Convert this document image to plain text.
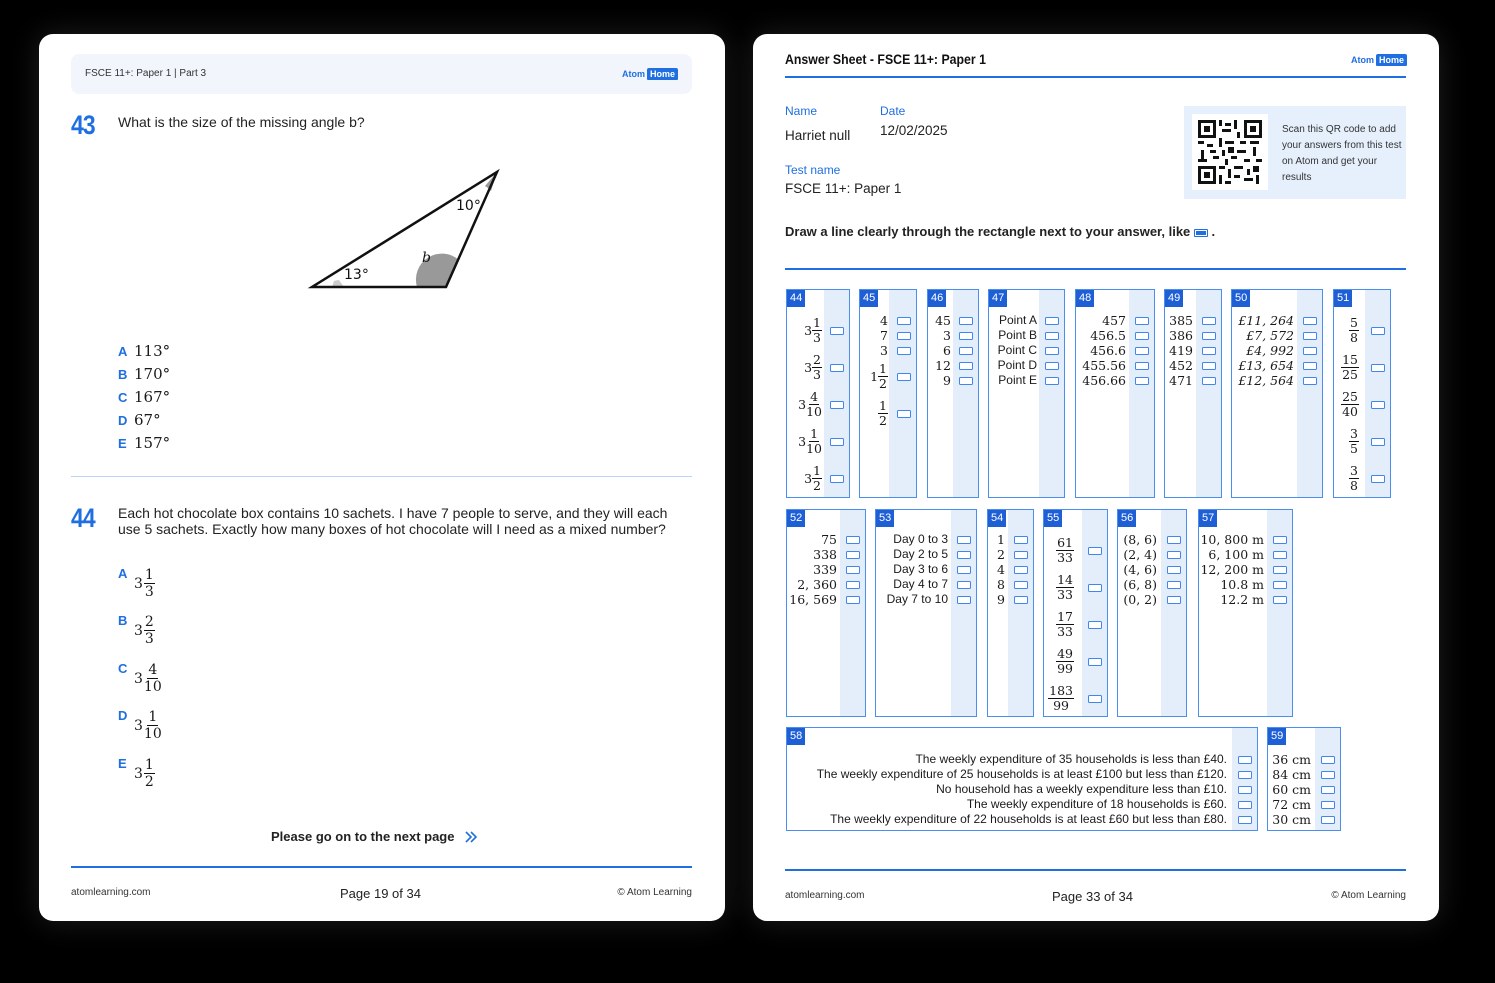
FSCE 11+: Paper 1 | Part 3	Atom Home
43 What is the size of the missing angle b?
13°
10°
b
A 113°
B 170°
C 167°
D 67°
E 157°
44 Each hot chocolate box contains 10 sachets. I have 7 people to serve, and they will each
use 5 sachets. Exactly how many boxes of hot chocolate will I need as a mixed number?
A
$3 \frac{1}{3}$
B
$3 \frac{2}{3}$
C
$3 \frac{4}{10}$
D
$3 \frac{1}{10}$
E
$3 \frac{1}{2}$
Please go on to the next page
atomlearning.com	Page 19 of 34	© Atom Learning
Answer Sheet - FSCE 11+: Paper 1	Atom Home
Name
Harriet null
Date
12/02/2025
Test name
FSCE 11+: Paper 1
Scan this QR code to add your answers from this test on Atom and get your results
Draw a line clearly through the rectangle next to your answer, like  .
44
3
1
3
3
2
3
3
4
10
3
1
10
3
1
2
45
4
7
3
1
1
2
1
2
46
45
3
6
12
9
47
Point A
Point B
Point C
Point D
Point E
48
457
456.5
456.6
455.56
456.66
49
385
386
419
452
471
50
£11, 264
£7, 572
£4, 992
£13, 654
£12, 564
51
5
8
15
25
25
40
3
5
3
8
52
75
338
339
2, 360
16, 569
53
Day 0 to 3
Day 2 to 5
Day 3 to 6
Day 4 to 7
Day 7 to 10
54
1
2
4
8
9
55
61
33
14
33
17
33
49
99
183
99
56
(8, 6)
(2, 4)
(4, 6)
(6, 8)
(0, 2)
57
10, 800 m
6, 100 m
12, 200 m
10.8 m
12.2 m
58
The weekly expenditure of 35 households is less than £40.
The weekly expenditure of 25 households is at least £100 but less than £120.
No household has a weekly expenditure less than £10.
The weekly expenditure of 18 households is £60.
The weekly expenditure of 22 households is at least £60 but less than £80.
59
36 cm
84 cm
60 cm
72 cm
30 cm
atomlearning.com	Page 33 of 34	© Atom Learning
